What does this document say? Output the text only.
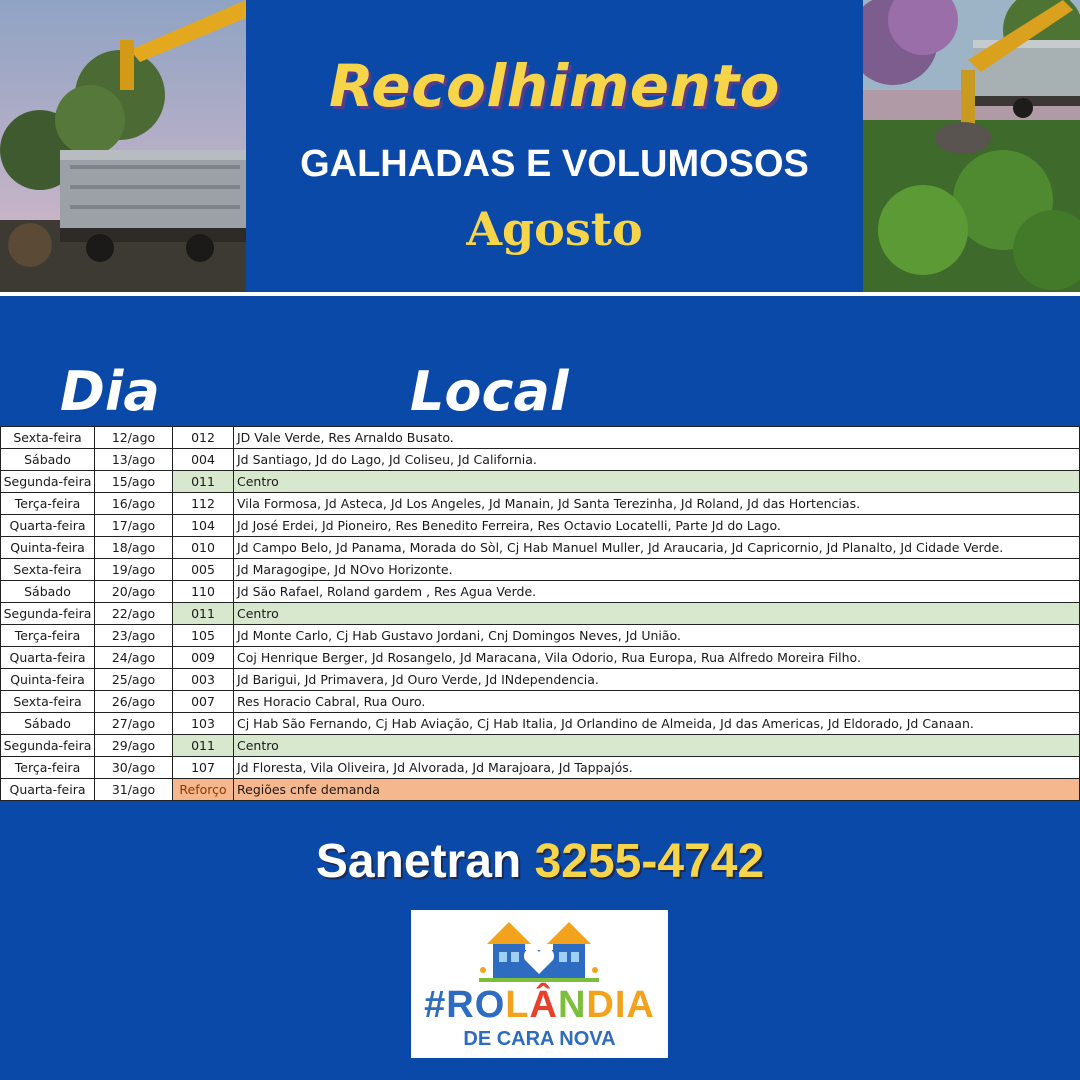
Recolhimento
GALHADAS E VOLUMOSOS
Agosto
Dia	Local
Sexta-feira	12/ago	012	JD Vale Verde, Res Arnaldo Busato.
Sábado	13/ago	004	Jd Santiago, Jd do Lago, Jd Coliseu, Jd California.
Segunda-feira	15/ago	011	Centro
Terça-feira	16/ago	112	Vila Formosa, Jd Asteca, Jd Los Angeles, Jd Manain, Jd Santa Terezinha, Jd Roland, Jd das Hortencias.
Quarta-feira	17/ago	104	Jd José Erdei, Jd Pioneiro, Res Benedito Ferreira, Res Octavio Locatelli, Parte Jd do Lago.
Quinta-feira	18/ago	010	Jd Campo Belo, Jd Panama, Morada do Sòl, Cj Hab Manuel Muller, Jd Araucaria, Jd Capricornio, Jd Planalto, Jd Cidade Verde.
Sexta-feira	19/ago	005	Jd Maragogipe, Jd NOvo Horizonte.
Sábado	20/ago	110	Jd São Rafael, Roland gardem , Res Agua Verde.
Segunda-feira	22/ago	011	Centro
Terça-feira	23/ago	105	Jd Monte Carlo, Cj Hab Gustavo Jordani, Cnj Domingos Neves, Jd União.
Quarta-feira	24/ago	009	Coj Henrique Berger, Jd Rosangelo, Jd Maracana, Vila Odorio, Rua Europa, Rua Alfredo Moreira Filho.
Quinta-feira	25/ago	003	Jd Barigui, Jd Primavera, Jd Ouro Verde, Jd INdependencia.
Sexta-feira	26/ago	007	Res Horacio Cabral, Rua Ouro.
Sábado	27/ago	103	Cj Hab São Fernando, Cj Hab Aviação, Cj Hab Italia, Jd Orlandino de Almeida, Jd das Americas, Jd Eldorado, Jd Canaan.
Segunda-feira	29/ago	011	Centro
Terça-feira	30/ago	107	Jd Floresta, Vila Oliveira, Jd Alvorada, Jd Marajoara, Jd Tappajós.
Quarta-feira	31/ago	Reforço	Regiões cnfe demanda
Sanetran 3255-4742
#ROLÂNDIA
DE CARA NOVA
